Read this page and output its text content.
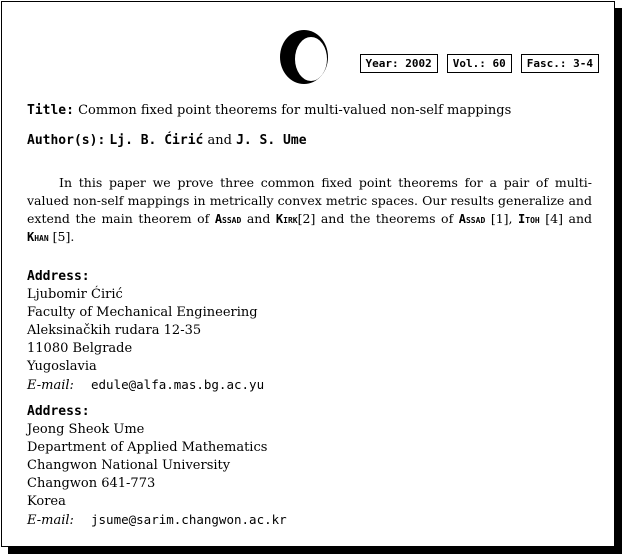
Year: 2002	Vol.: 60	Fasc.: 3-4
Title: Common fixed point theorems for multi-valued non-self mappings
Author(s): Lj. B. Ćirić and J. S. Ume
In this paper we prove three common fixed point theorems for a pair of multi-valued non-self mappings in metrically convex metric spaces. Our results generalize and extend the main theorem of Assad and Kirk[2] and the theorems of Assad [1], Itoh [4] and Khan [5].
Address:
Ljubomir Ćirić
Faculty of Mechanical Engineering
Aleksinačkih rudara 12-35
11080 Belgrade
Yugoslavia
E-mail: edule@alfa.mas.bg.ac.yu
Address:
Jeong Sheok Ume
Department of Applied Mathematics
Changwon National University
Changwon 641-773
Korea
E-mail: jsume@sarim.changwon.ac.kr
